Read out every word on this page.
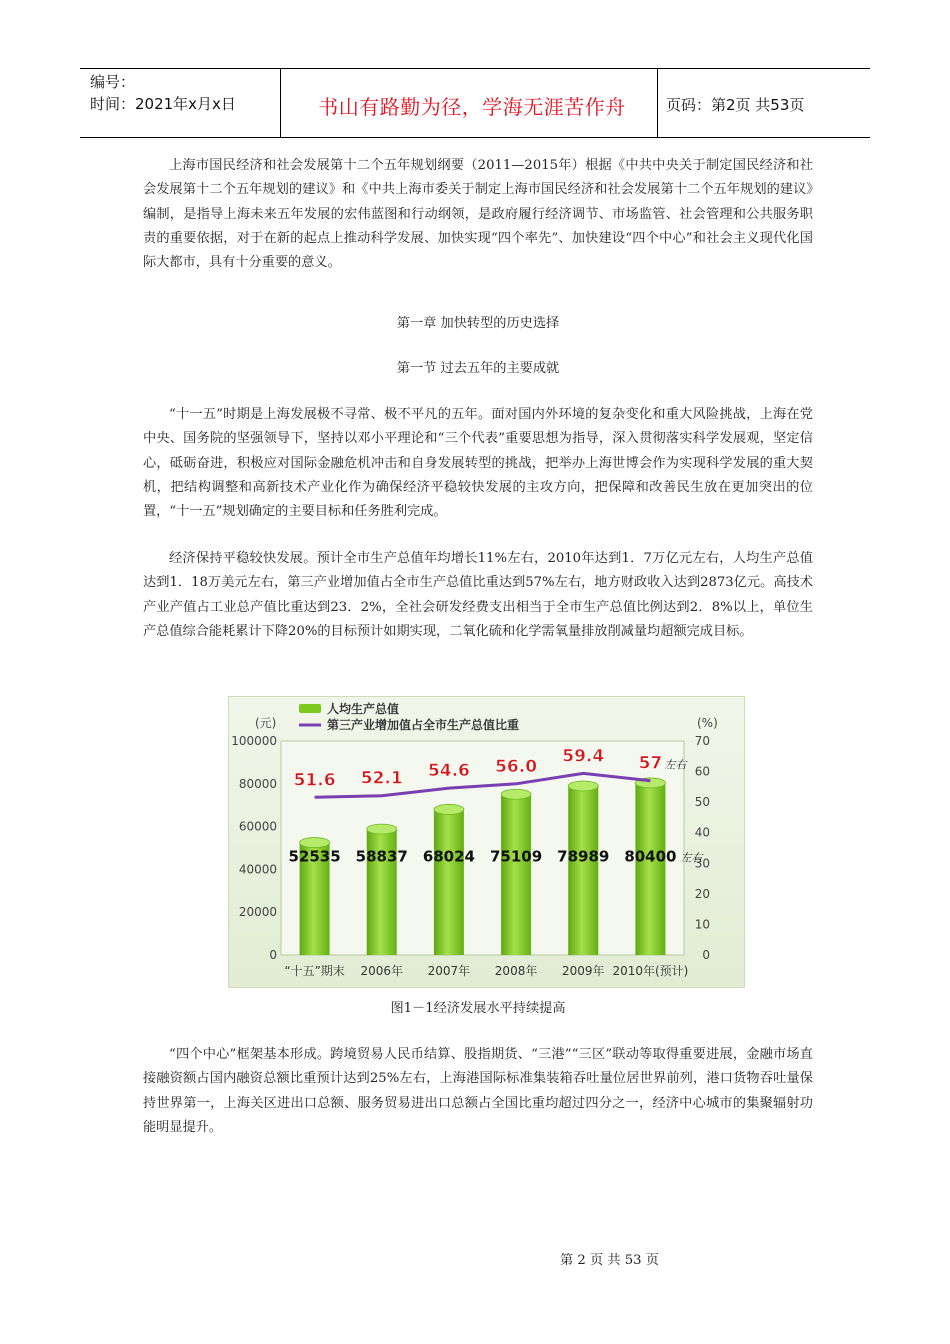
编号：
时间：2021年x月x日	书山有路勤为径，学海无涯苦作舟	页码：第2页 共53页

上海市国民经济和社会发展第十二个五年规划纲要（2011—2015年）根据《中共中央关于制定国民经济和社会发展第十二个五年规划的建议》和《中共上海市委关于制定上海市国民经济和社会发展第十二个五年规划的建议》编制，是指导上海未来五年发展的宏伟蓝图和行动纲领，是政府履行经济调节、市场监管、社会管理和公共服务职责的重要依据，对于在新的起点上推动科学发展、加快实现“四个率先”、加快建设“四个中心”和社会主义现代化国际大都市，具有十分重要的意义。

第一章 加快转型的历史选择
第一节 过去五年的主要成就

“十一五”时期是上海发展极不寻常、极不平凡的五年。面对国内外环境的复杂变化和重大风险挑战，上海在党中央、国务院的坚强领导下，坚持以邓小平理论和“三个代表”重要思想为指导，深入贯彻落实科学发展观，坚定信心，砥砺奋进，积极应对国际金融危机冲击和自身发展转型的挑战，把举办上海世博会作为实现科学发展的重大契机，把结构调整和高新技术产业化作为确保经济平稳较快发展的主攻方向，把保障和改善民生放在更加突出的位置，“十一五”规划确定的主要目标和任务胜利完成。

经济保持平稳较快发展。预计全市生产总值年均增长11%左右，2010年达到1．7万亿元左右，人均生产总值达到1．18万美元左右，第三产业增加值占全市生产总值比重达到57%左右，地方财政收入达到2873亿元。高技术产业产值占工业总产值比重达到23．2%，全社会研发经费支出相当于全市生产总值比例达到2．8%以上，单位生产总值综合能耗累计下降20%的目标预计如期实现，二氧化硫和化学需氧量排放削减量均超额完成目标。

人均生产总值
第三产业增加值占全市生产总值比重
(元)	(%)
100000
80000
60000
40000
20000
0
70
60
50
40
30
20
10
0
52535
“十五”期末
58837
2006年
68024
2007年
75109
2008年
78989
2009年
80400
2010年(预计)
左右
51.6 52.1 54.6 56.0
59.4 57 左右
图1－1经济发展水平持续提高

“四个中心”框架基本形成。跨境贸易人民币结算、股指期货、“三港”“三区”联动等取得重要进展，金融市场直接融资额占国内融资总额比重预计达到25%左右，上海港国际标准集装箱吞吐量位居世界前列，港口货物吞吐量保持世界第一，上海关区进出口总额、服务贸易进出口总额占全国比重均超过四分之一，经济中心城市的集聚辐射功能明显提升。

第 2 页 共 53 页
